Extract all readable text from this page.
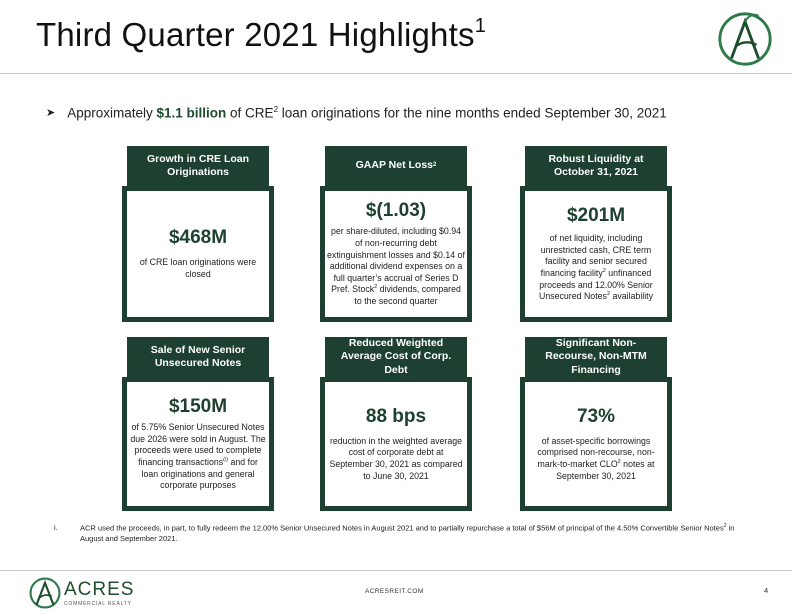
Third Quarter 2021 Highlights$^1$
➤ Approximately $1.1 billion of CRE$^2$ loan originations for the nine months ended September 30, 2021
Growth in CRE Loan Originations
$468M
of CRE loan originations were closed
GAAP Net Loss 2
$(1.03)
per share-diluted, including $0.94 of non-recurring debt extinguishment losses and $0.14 of additional dividend expenses on a full quarter’s accrual of Series D Pref. Stock$^2$ dividends, compared to the second quarter
Robust Liquidity at October 31, 2021
$201M
of net liquidity, including unrestricted cash, CRE term facility and senior secured financing facility$^2$ unfinanced proceeds and 12.00% Senior Unsecured Notes$^2$ availability
Sale of New Senior Unsecured Notes
$150M
of 5.75% Senior Unsecured Notes due 2026 were sold in August. The proceeds were used to complete financing transactions$^{(i)}$ and for loan originations and general corporate purposes
Reduced Weighted Average Cost of Corp. Debt
88 bps
reduction in the weighted average cost of corporate debt at September 30, 2021 as compared to June 30, 2021
Significant Non-Recourse, Non-MTM Financing
73%
of asset-specific borrowings comprised non-recourse, non-mark-to-market CLO$^2$ notes at September 30, 2021
i.	ACR used the proceeds, in part, to fully redeem the 12.00% Senior Unsecured Notes in August 2021 and to partially repurchase a total of $56M of principal of the 4.50% Convertible Senior Notes$^2$ in August and September 2021.
ACRES
COMMERCIAL REALTY
ACRESREIT.COM	4
